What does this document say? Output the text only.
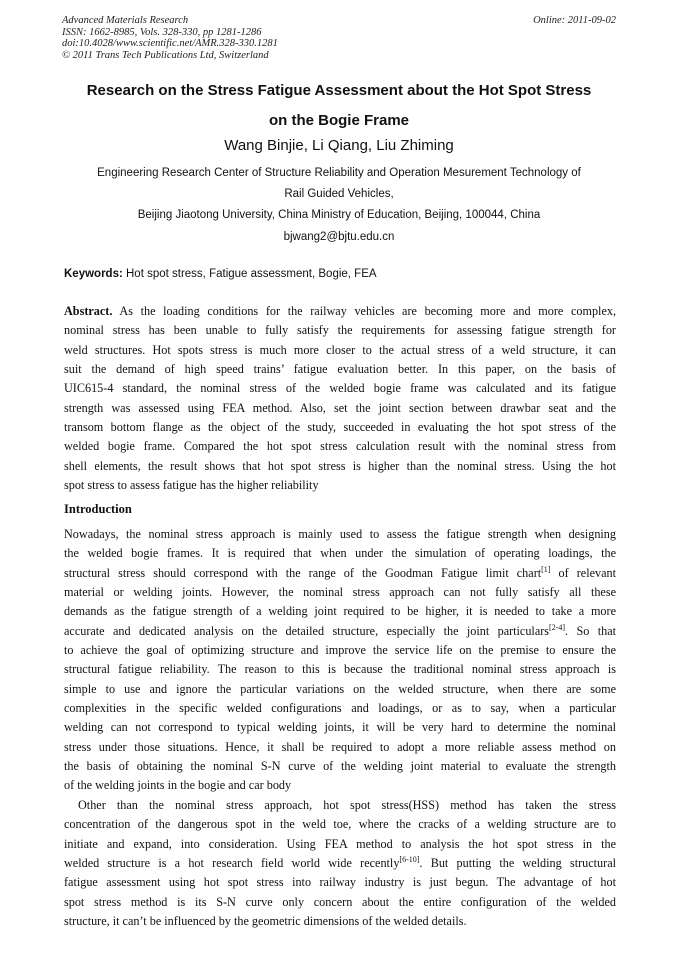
Advanced Materials Research
ISSN: 1662-8985, Vols. 328-330, pp 1281-1286
doi:10.4028/www.scientific.net/AMR.328-330.1281
© 2011 Trans Tech Publications Ltd, Switzerland
Online: 2011-09-02
Research on the Stress Fatigue Assessment about the Hot Spot Stress
on the Bogie Frame
Wang Binjie, Li Qiang, Liu Zhiming
Engineering Research Center of Structure Reliability and Operation Mesurement Technology of
Rail Guided Vehicles,
Beijing Jiaotong University, China Ministry of Education, Beijing, 100044, China
bjwang2@bjtu.edu.cn
Keywords: Hot spot stress, Fatigue assessment, Bogie, FEA
Abstract. As the loading conditions for the railway vehicles are becoming more and more complex,
nominal stress has been unable to fully satisfy the requirements for assessing fatigue strength for
weld structures. Hot spots stress is much more closer to the actual stress of a weld structure, it can
suit the demand of high speed trains’ fatigue evaluation better. In this paper, on the basis of
UIC615-4 standard, the nominal stress of the welded bogie frame was calculated and its fatigue
strength was assessed using FEA method. Also, set the joint section between drawbar seat and the
transom bottom flange as the object of the study, succeeded in evaluating the hot spot stress of the
welded bogie frame. Compared the hot spot stress calculation result with the nominal stress from
shell elements, the result shows that hot spot stress is higher than the nominal stress. Using the hot
spot stress to assess fatigue has the higher reliability
Introduction
Nowadays, the nominal stress approach is mainly used to assess the fatigue strength when designing
the welded bogie frames. It is required that when under the simulation of operating loadings, the
structural stress should correspond with the range of the Goodman Fatigue limit chart[1] of relevant
material or welding joints. However, the nominal stress approach can not fully satisfy all these
demands as the fatigue strength of a welding joint required to be higher, it is needed to take a more
accurate and dedicated analysis on the detailed structure, especially the joint particulars[2-4]. So that
to achieve the goal of optimizing structure and improve the service life on the premise to ensure the
structural fatigue reliability. The reason to this is because the traditional nominal stress approach is
simple to use and ignore the particular variations on the welded structure, when there are some
complexities in the specific welded configurations and loadings, or as to say, when a particular
welding can not correspond to typical welding joints, it will be very hard to determine the nominal
stress under those situations. Hence, it shall be required to adopt a more reliable assess method on
the basis of obtaining the nominal S-N curve of the welding joint material to evaluate the strength
of the welding joints in the bogie and car body
Other than the nominal stress approach, hot spot stress(HSS) method has taken the stress
concentration of the dangerous spot in the weld toe, where the cracks of a welding structure are to
initiate and expand, into consideration. Using FEA method to analysis the hot spot stress in the
welded structure is a hot research field world wide recently[6-10]. But putting the welding structural
fatigue assessment using hot spot stress into railway industry is just begun. The advantage of hot
spot stress method is its S-N curve only concern about the entire configuration of the welded
structure, it can’t be influenced by the geometric dimensions of the welded details.
